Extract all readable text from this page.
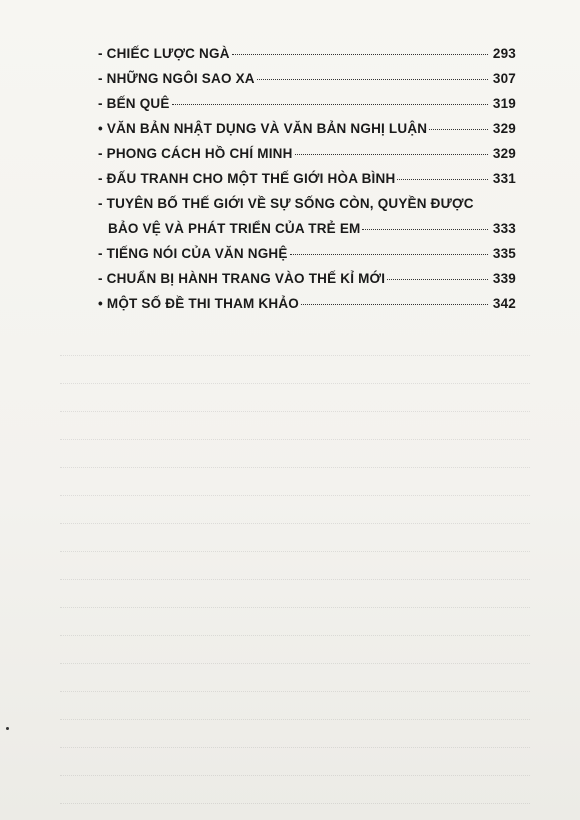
- CHIẾC LƯỢC NGÀ	293
- NHỮNG NGÔI SAO XA	307
- BẾN QUÊ	319
• VĂN BẢN NHẬT DỤNG VÀ VĂN BẢN NGHỊ LUẬN	329
- PHONG CÁCH HỒ CHÍ MINH	329
- ĐẤU TRANH CHO MỘT THẾ GIỚI HÒA BÌNH	331
- TUYÊN BỐ THẾ GIỚI VỀ SỰ SỐNG CÒN, QUYỀN ĐƯỢC
BẢO VỆ VÀ PHÁT TRIỂN CỦA TRẺ EM	333
- TIẾNG NÓI CỦA VĂN NGHỆ	335
- CHUẨN BỊ HÀNH TRANG VÀO THẾ KỈ MỚI	339
• MỘT SỐ ĐỀ THI THAM KHẢO	342
